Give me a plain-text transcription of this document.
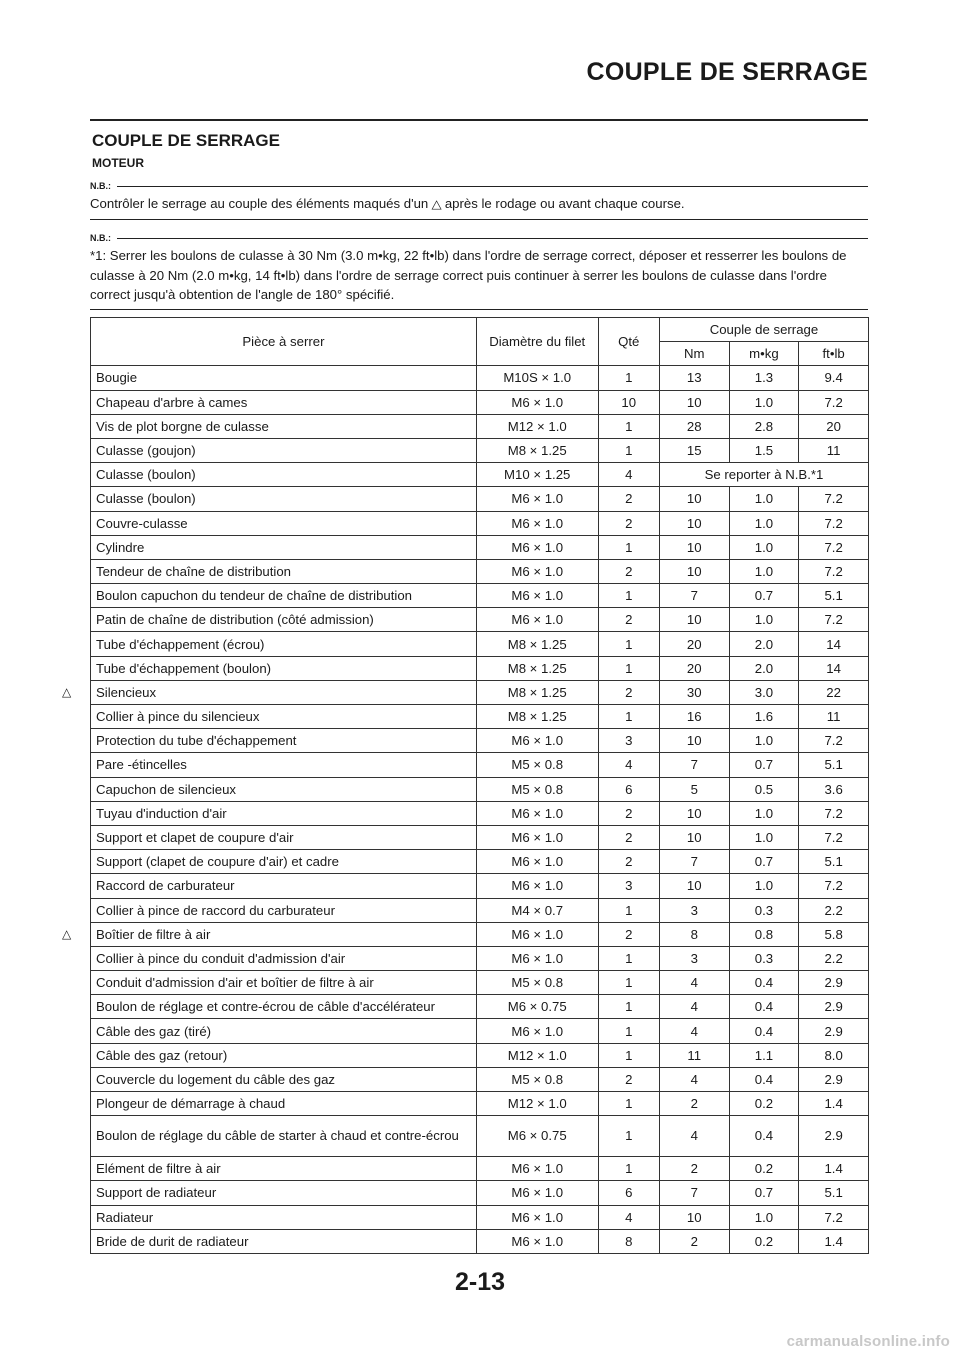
COUPLE DE SERRAGE
COUPLE DE SERRAGE
MOTEUR
N.B.:
Contrôler le serrage au couple des éléments maqués d'un △ après le rodage ou avant chaque course.
N.B.:
*1: Serrer les boulons de culasse à 30 Nm (3.0 m•kg, 22 ft•lb) dans l'ordre de serrage correct, déposer et resserrer les boulons de culasse à 20 Nm (2.0 m•kg, 14 ft•lb) dans l'ordre de serrage correct puis continuer à serrer les boulons de culasse dans l'ordre correct jusqu'à obtention de l'angle de 180° spécifié.
Pièce à serrer	Diamètre du filet	Qté	Couple de serrage		
			Nm	m•kg	ft•lb
Bougie	M10S × 1.0	1	13	1.3	9.4
Chapeau d'arbre à cames	M6 × 1.0	10	10	1.0	7.2
Vis de plot borgne de culasse	M12 × 1.0	1	28	2.8	20
Culasse (goujon)	M8 × 1.25	1	15	1.5	11
Culasse (boulon)	M10 × 1.25	4	Se reporter à N.B.*1		
Culasse (boulon)	M6 × 1.0	2	10	1.0	7.2
Couvre-culasse	M6 × 1.0	2	10	1.0	7.2
Cylindre	M6 × 1.0	1	10	1.0	7.2
Tendeur de chaîne de distribution	M6 × 1.0	2	10	1.0	7.2
Boulon capuchon du tendeur de chaîne de distribution	M6 × 1.0	1	7	0.7	5.1
Patin de chaîne de distribution (côté admission)	M6 × 1.0	2	10	1.0	7.2
Tube d'échappement (écrou)	M8 × 1.25	1	20	2.0	14
Tube d'échappement (boulon)	M8 × 1.25	1	20	2.0	14
Silencieux	M8 × 1.25	2	30	3.0	22
Collier à pince du silencieux	M8 × 1.25	1	16	1.6	11
Protection du tube d'échappement	M6 × 1.0	3	10	1.0	7.2
Pare -étincelles	M5 × 0.8	4	7	0.7	5.1
Capuchon de silencieux	M5 × 0.8	6	5	0.5	3.6
Tuyau d'induction d'air	M6 × 1.0	2	10	1.0	7.2
Support et clapet de coupure d'air	M6 × 1.0	2	10	1.0	7.2
Support (clapet de coupure d'air) et cadre	M6 × 1.0	2	7	0.7	5.1
Raccord de carburateur	M6 × 1.0	3	10	1.0	7.2
Collier à pince de raccord du carburateur	M4 × 0.7	1	3	0.3	2.2
Boîtier de filtre à air	M6 × 1.0	2	8	0.8	5.8
Collier à pince du conduit d'admission d'air	M6 × 1.0	1	3	0.3	2.2
Conduit d'admission d'air et boîtier de filtre à air	M5 × 0.8	1	4	0.4	2.9
Boulon de réglage et contre-écrou de câble d'accélérateur	M6 × 0.75	1	4	0.4	2.9
Câble des gaz (tiré)	M6 × 1.0	1	4	0.4	2.9
Câble des gaz (retour)	M12 × 1.0	1	11	1.1	8.0
Couvercle du logement du câble des gaz	M5 × 0.8	2	4	0.4	2.9
Plongeur de démarrage à chaud	M12 × 1.0	1	2	0.2	1.4
Boulon de réglage du câble de starter à chaud et contre-écrou	M6 × 0.75	1	4	0.4	2.9
Elément de filtre à air	M6 × 1.0	1	2	0.2	1.4
Support de radiateur	M6 × 1.0	6	7	0.7	5.1
Radiateur	M6 × 1.0	4	10	1.0	7.2
Bride de durit de radiateur	M6 × 1.0	8	2	0.2	1.4
△
△
2-13
carmanualsonline.info
